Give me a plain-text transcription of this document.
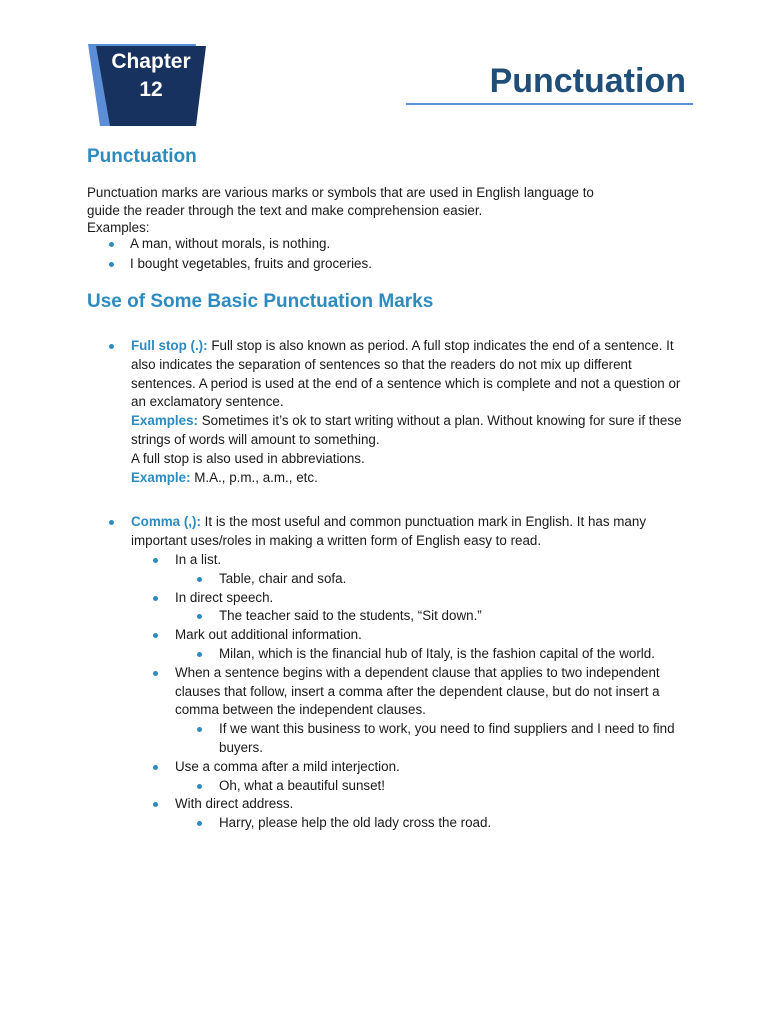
Chapter
12	Punctuation
Punctuation
Punctuation marks are various marks or symbols that are used in English language to
guide the reader through the text and make comprehension easier.
Examples:
A man, without morals, is nothing.
I bought vegetables, fruits and groceries.
Use of Some Basic Punctuation Marks
Full stop (.): Full stop is also known as period. A full stop indicates the end of a sentence. It also indicates the separation of sentences so that the readers do not mix up different sentences. A period is used at the end of a sentence which is complete and not a question or an exclamatory sentence.
Examples: Sometimes it’s ok to start writing without a plan. Without knowing for sure if these strings of words will amount to something.
A full stop is also used in abbreviations.
Example: M.A., p.m., a.m., etc.
Comma (,): It is the most useful and common punctuation mark in English. It has many important uses/roles in making a written form of English easy to read.
In a list.
Table, chair and sofa.
In direct speech.
The teacher said to the students, “Sit down.”
Mark out additional information.
Milan, which is the financial hub of Italy, is the fashion capital of the world.
When a sentence begins with a dependent clause that applies to two independent clauses that follow, insert a comma after the dependent clause, but do not insert a comma between the independent clauses.
If we want this business to work, you need to find suppliers and I need to find buyers.
Use a comma after a mild interjection.
Oh, what a beautiful sunset!
With direct address.
Harry, please help the old lady cross the road.
